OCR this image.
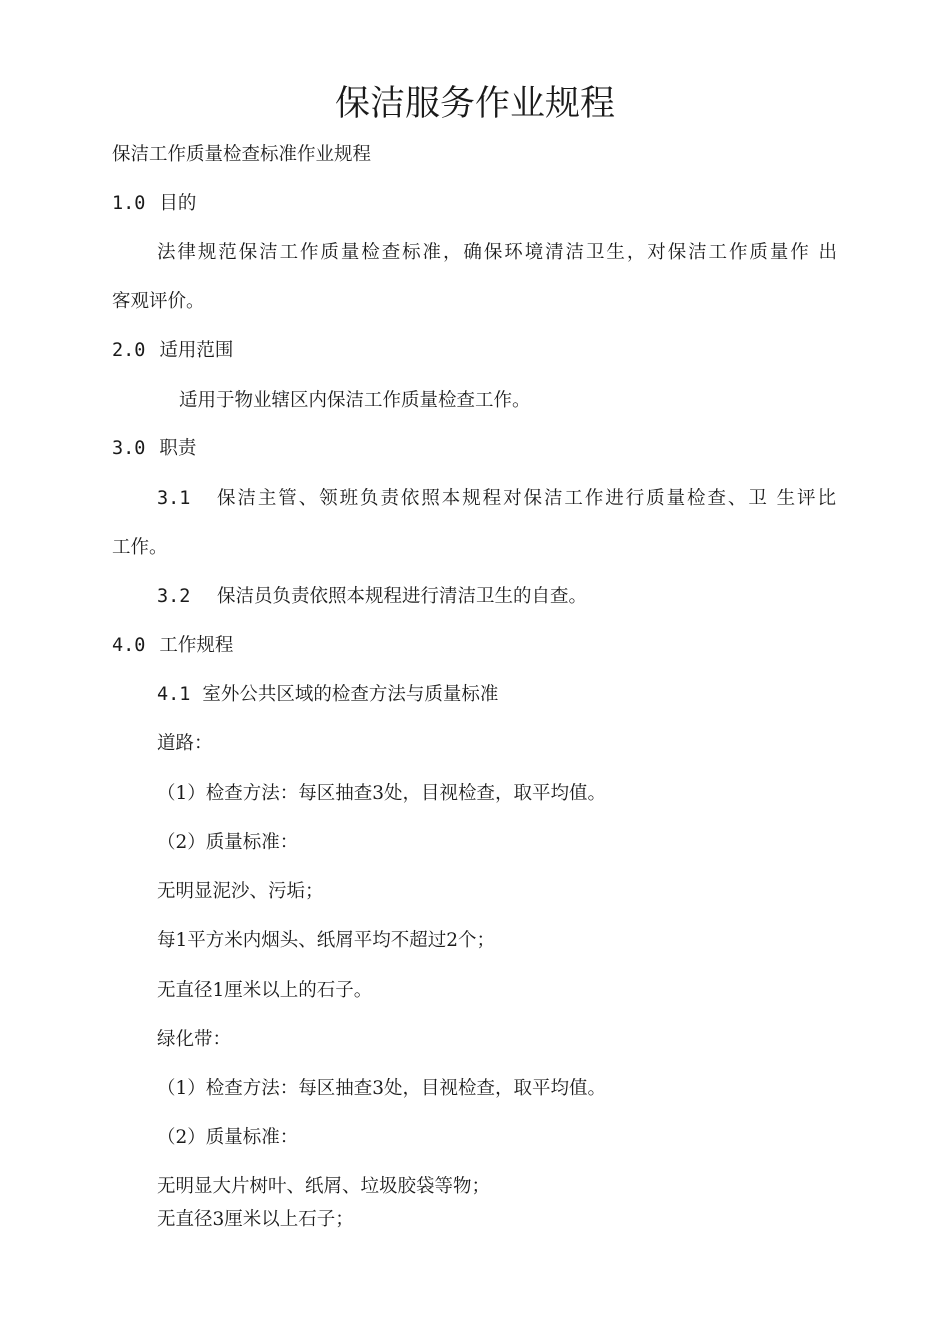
保洁服务作业规程
保洁工作质量检查标准作业规程
1.0 目的
法律规范保洁工作质量检查标准，确保环境清洁卫生，对保洁工作质量作 出
客观评价。
2.0 适用范围
适用于物业辖区内保洁工作质量检查工作。
3.0 职责
3.1 保洁主管、领班负责依照本规程对保洁工作进行质量检查、卫 生评比
工作。
3.2 保洁员负责依照本规程进行清洁卫生的自查。
4.0 工作规程
4.1 室外公共区域的检查方法与质量标准
道路：
（1）检查方法：每区抽查3处，目视检查，取平均值。
（2）质量标准：
无明显泥沙、污垢；
每1平方米内烟头、纸屑平均不超过2个；
无直径1厘米以上的石子。
绿化带：
（1）检查方法：每区抽查3处，目视检查，取平均值。
（2）质量标准：
无明显大片树叶、纸屑、垃圾胶袋等物；
无直径3厘米以上石子；
